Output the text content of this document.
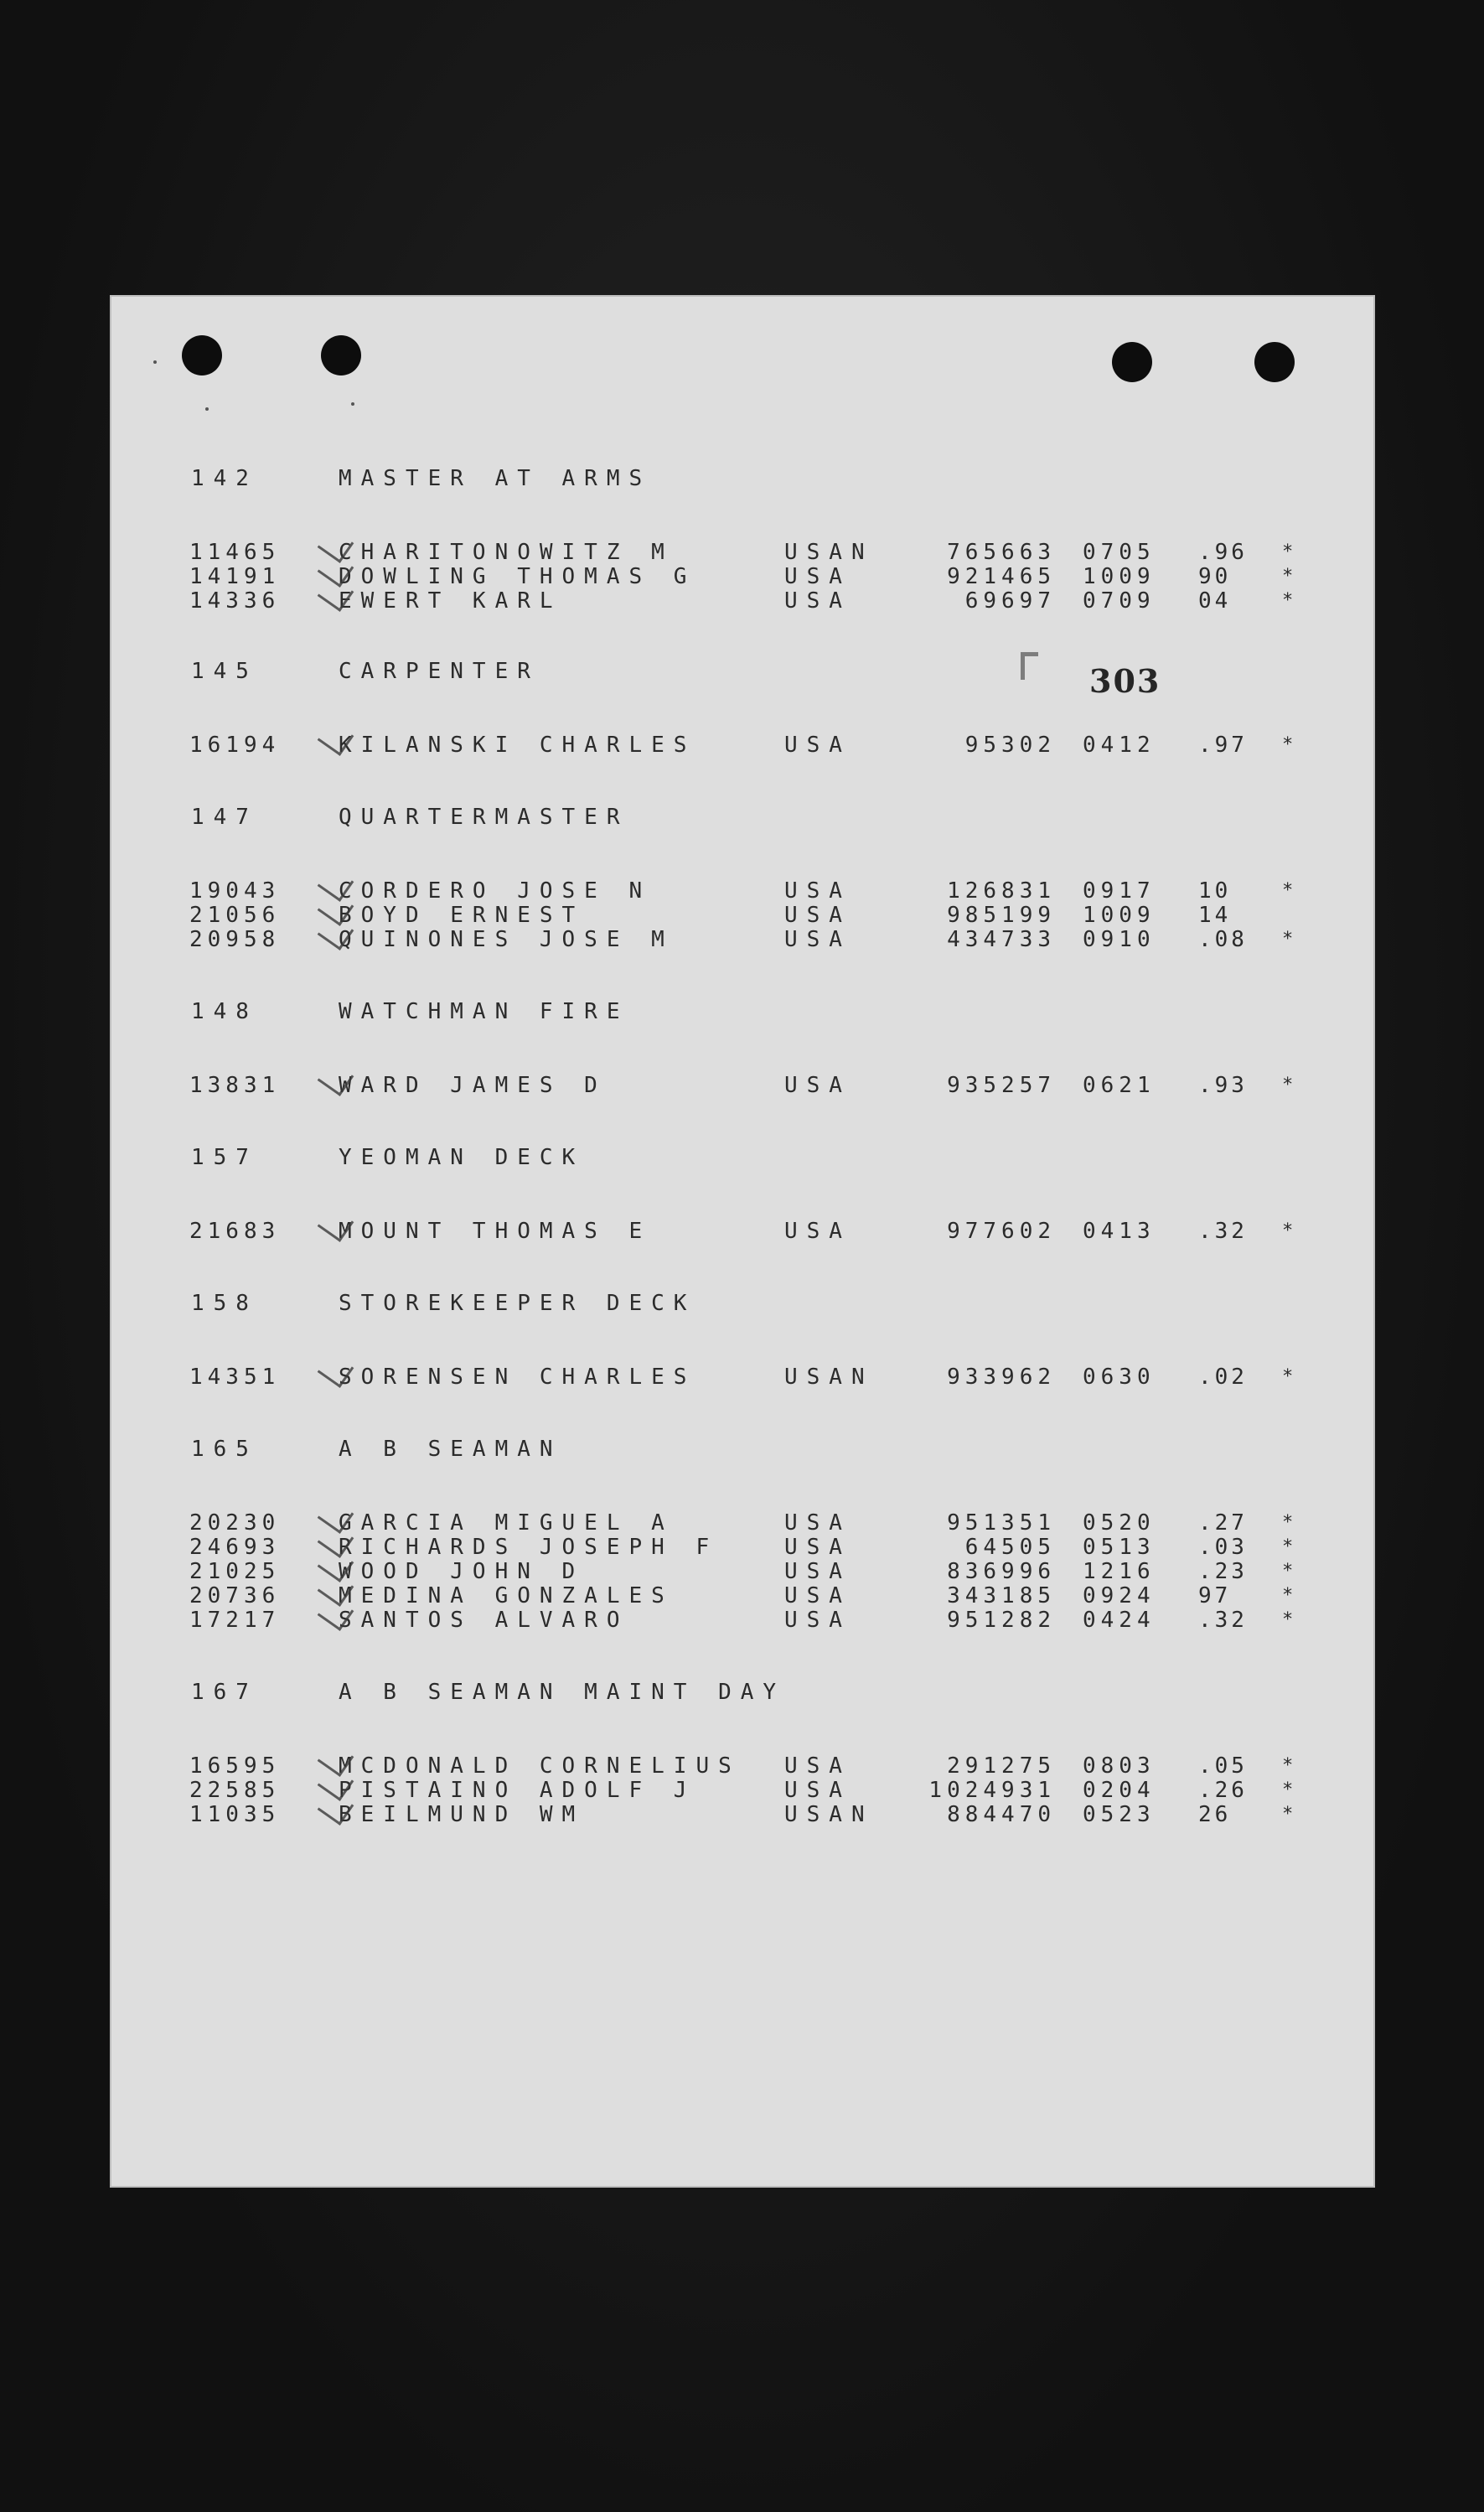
303
142	MASTER AT ARMS
11465	CHARITONOWITZ M	USAN	765663 0705 .96 *
14191	DOWLING THOMAS G	USA	921465 1009 90	*
14336	EWERT KARL	USA	69697 0709 04	*
145	CARPENTER
16194	KILANSKI CHARLES	USA	95302 0412 .97 *
147	QUARTERMASTER
19043	CORDERO JOSE N	USA	126831 0917 10	*
21056	BOYD ERNEST	USA	985199 1009 14
20958	QUINONES JOSE M	USA	434733 0910 .08 *
148	WATCHMAN FIRE
13831	WARD JAMES D	USA	935257 0621 .93 *
157	YEOMAN DECK
21683	MOUNT THOMAS E	USA	977602 0413 .32 *
158	STOREKEEPER DECK
14351	SORENSEN CHARLES	USAN	933962 0630 .02 *
165	A B SEAMAN
20230	GARCIA MIGUEL A	USA	951351 0520 .27 *
24693	RICHARDS JOSEPH F	USA	64505 0513 .03 *
21025	WOOD JOHN D	USA	836996 1216 .23 *
20736	MEDINA GONZALES	USA	343185 0924 97	*
17217	SANTOS ALVARO	USA	951282 0424 .32 *
167	A B SEAMAN MAINT DAY
16595	MCDONALD CORNELIUS USA	291275 0803 .05 *
22585	PISTAINO ADOLF J	USA	1024931 0204 .26 *
11035	BEILMUND WM	USAN	884470 0523 26	*
